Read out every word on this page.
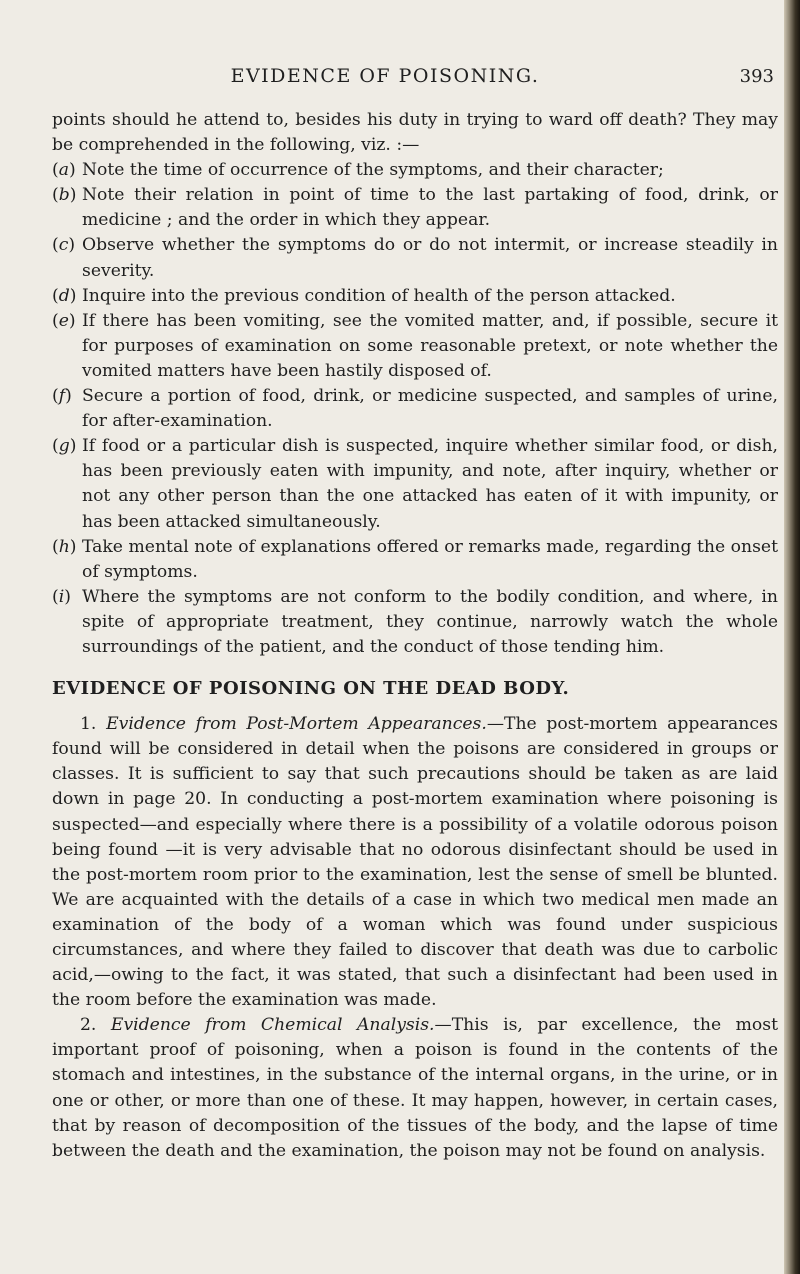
EVIDENCE OF POISONING.	393

points should he attend to, besides his duty in trying to ward off death? They may be comprehended in the following, viz. :—

(a) Note the time of occurrence of the symptoms, and their character;
(b) Note their relation in point of time to the last partaking of food, drink, or medicine ; and the order in which they appear.
(c) Observe whether the symptoms do or do not intermit, or increase steadily in severity.
(d) Inquire into the previous condition of health of the person attacked.
(e) If there has been vomiting, see the vomited matter, and, if possible, secure it for purposes of examination on some reasonable pretext, or note whether the vomited matters have been hastily disposed of.
(f) Secure a portion of food, drink, or medicine suspected, and samples of urine, for after-examination.
(g) If food or a particular dish is suspected, inquire whether similar food, or dish, has been previously eaten with impunity, and note, after inquiry, whether or not any other person than the one attacked has eaten of it with impunity, or has been attacked simultaneously.
(h) Take mental note of explanations offered or remarks made, regarding the onset of symptoms.
(i) Where the symptoms are not conform to the bodily condition, and where, in spite of appropriate treatment, they continue, narrowly watch the whole surroundings of the patient, and the conduct of those tending him.
EVIDENCE OF POISONING ON THE DEAD BODY.

1. Evidence from Post-Mortem Appearances.—The post-mortem appearances found will be considered in detail when the poisons are considered in groups or classes. It is sufficient to say that such precautions should be taken as are laid down in page 20. In conducting a post-mortem examination where poisoning is suspected—and especially where there is a possibility of a volatile odorous poison being found —it is very advisable that no odorous disinfectant should be used in the post-mortem room prior to the examination, lest the sense of smell be blunted. We are acquainted with the details of a case in which two medical men made an examination of the body of a woman which was found under suspicious circumstances, and where they failed to discover that death was due to carbolic acid,—owing to the fact, it was stated, that such a disinfectant had been used in the room before the examination was made.

2. Evidence from Chemical Analysis.—This is, par excellence, the most important proof of poisoning, when a poison is found in the contents of the stomach and intestines, in the substance of the internal organs, in the urine, or in one or other, or more than one of these. It may happen, however, in certain cases, that by reason of decomposition of the tissues of the body, and the lapse of time between the death and the examination, the poison may not be found on analysis.
